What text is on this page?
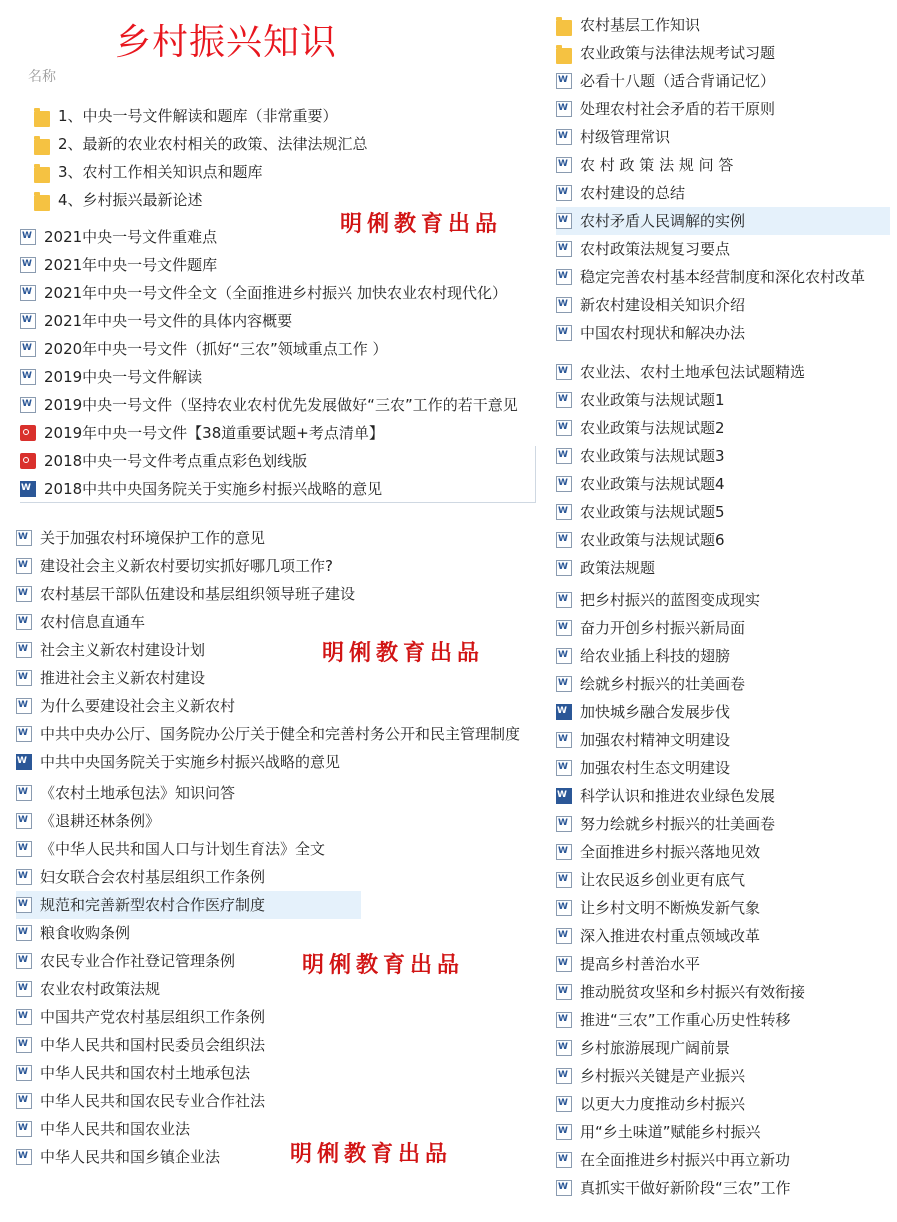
乡村振兴知识
名称
明俐教育出品
明俐教育出品
明俐教育出品
明俐教育出品
1、中央一号文件解读和题库（非常重要）
2、最新的农业农村相关的政策、法律法规汇总
3、农村工作相关知识点和题库
4、乡村振兴最新论述
W
2021中央一号文件重难点
W
2021年中央一号文件题库
W
2021年中央一号文件全文（全面推进乡村振兴 加快农业农村现代化）
W
2021年中央一号文件的具体内容概要
W
2020年中央一号文件（抓好“三农”领域重点工作 ）
W
2019中央一号文件解读
W
2019中央一号文件（坚持农业农村优先发展做好“三农”工作的若干意见
2019年中央一号文件【38道重要试题+考点清单】
2018中央一号文件考点重点彩色划线版
W
2018中共中央国务院关于实施乡村振兴战略的意见
W
关于加强农村环境保护工作的意见
W
建设社会主义新农村要切实抓好哪几项工作?
W
农村基层干部队伍建设和基层组织领导班子建设
W
农村信息直通车
W
社会主义新农村建设计划
W
推进社会主义新农村建设
W
为什么要建设社会主义新农村
W
中共中央办公厅、国务院办公厅关于健全和完善村务公开和民主管理制度
W
中共中央国务院关于实施乡村振兴战略的意见
W
《农村土地承包法》知识问答
W
《退耕还林条例》
W
《中华人民共和国人口与计划生育法》全文
W
妇女联合会农村基层组织工作条例
W
规范和完善新型农村合作医疗制度
W
粮食收购条例
W
农民专业合作社登记管理条例
W
农业农村政策法规
W
中国共产党农村基层组织工作条例
W
中华人民共和国村民委员会组织法
W
中华人民共和国农村土地承包法
W
中华人民共和国农民专业合作社法
W
中华人民共和国农业法
W
中华人民共和国乡镇企业法
农村基层工作知识
农业政策与法律法规考试习题
W
必看十八题（适合背诵记忆）
W
处理农村社会矛盾的若干原则
W
村级管理常识
W
农 村 政 策 法 规 问 答
W
农村建设的总结
W
农村矛盾人民调解的实例
W
农村政策法规复习要点
W
稳定完善农村基本经营制度和深化农村改革
W
新农村建设相关知识介绍
W
中国农村现状和解决办法
W
农业法、农村土地承包法试题精选
W
农业政策与法规试题1
W
农业政策与法规试题2
W
农业政策与法规试题3
W
农业政策与法规试题4
W
农业政策与法规试题5
W
农业政策与法规试题6
W
政策法规题
W
把乡村振兴的蓝图变成现实
W
奋力开创乡村振兴新局面
W
给农业插上科技的翅膀
W
绘就乡村振兴的壮美画卷
W
加快城乡融合发展步伐
W
加强农村精神文明建设
W
加强农村生态文明建设
W
科学认识和推进农业绿色发展
W
努力绘就乡村振兴的壮美画卷
W
全面推进乡村振兴落地见效
W
让农民返乡创业更有底气
W
让乡村文明不断焕发新气象
W
深入推进农村重点领域改革
W
提高乡村善治水平
W
推动脱贫攻坚和乡村振兴有效衔接
W
推进“三农”工作重心历史性转移
W
乡村旅游展现广阔前景
W
乡村振兴关键是产业振兴
W
以更大力度推动乡村振兴
W
用“乡土味道”赋能乡村振兴
W
在全面推进乡村振兴中再立新功
W
真抓实干做好新阶段“三农”工作
